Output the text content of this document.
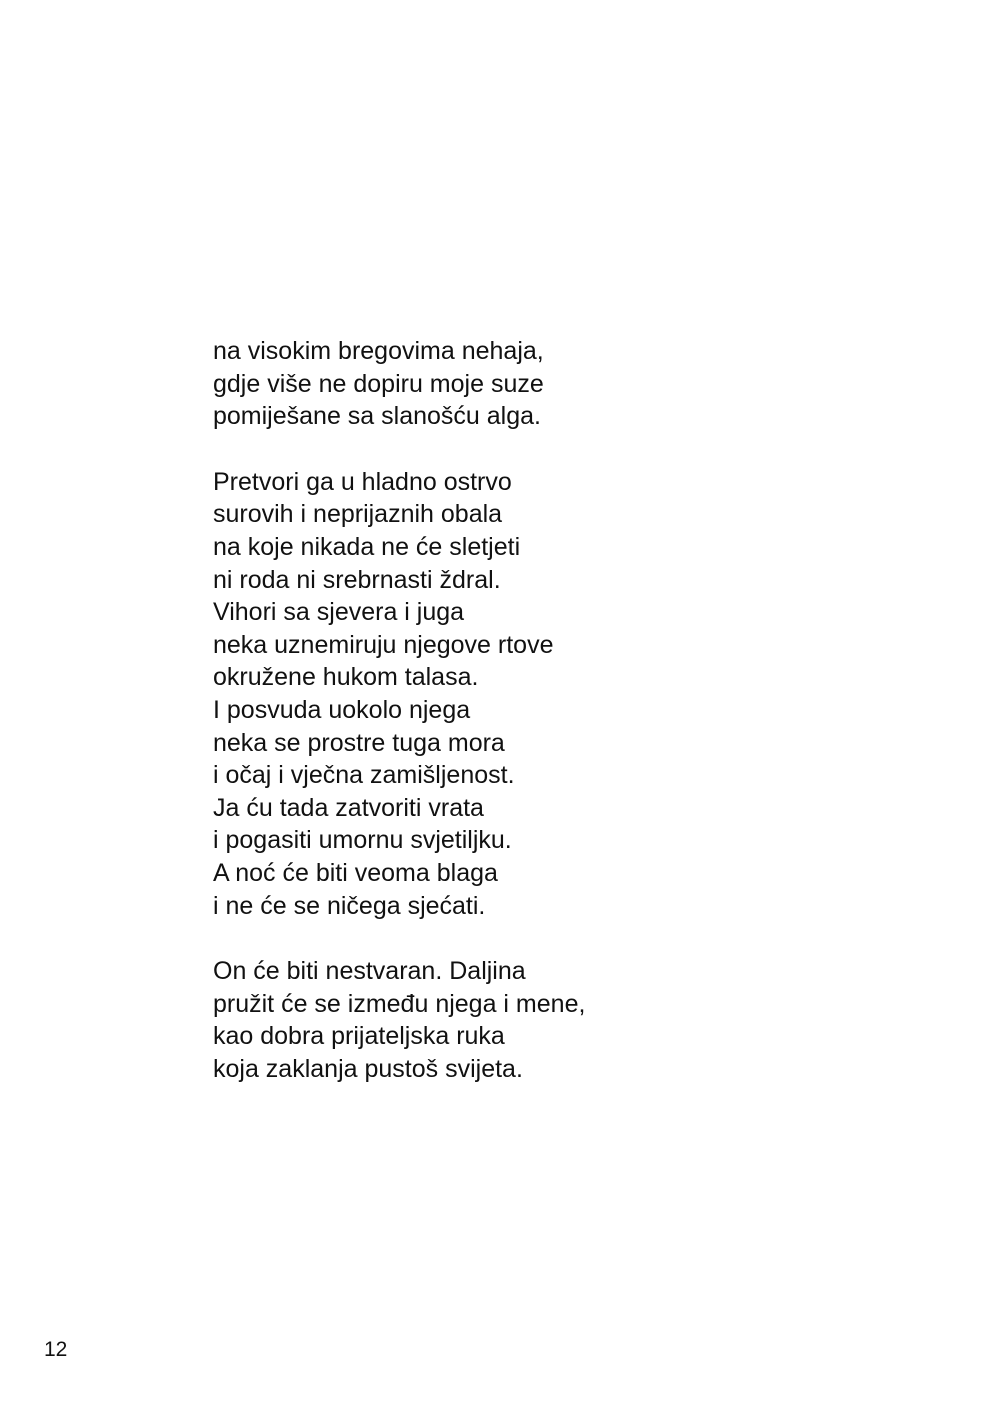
na visokim bregovima nehaja,
gdje više ne dopiru moje suze
pomiješane sa slanošću alga.
Pretvori ga u hladno ostrvo
surovih i neprijaznih obala
na koje nikada ne će sletjeti
ni roda ni srebrnasti ždral.
Vihori sa sjevera i juga
neka uznemiruju njegove rtove
okružene hukom talasa.
I posvuda uokolo njega
neka se prostre tuga mora
i očaj i vječna zamišljenost.
Ja ću tada zatvoriti vrata
i pogasiti umornu svjetiljku.
A noć će biti veoma blaga
i ne će se ničega sjećati.
On će biti nestvaran. Daljina
pružit će se između njega i mene,
kao dobra prijateljska ruka
koja zaklanja pustoš svijeta.
12
